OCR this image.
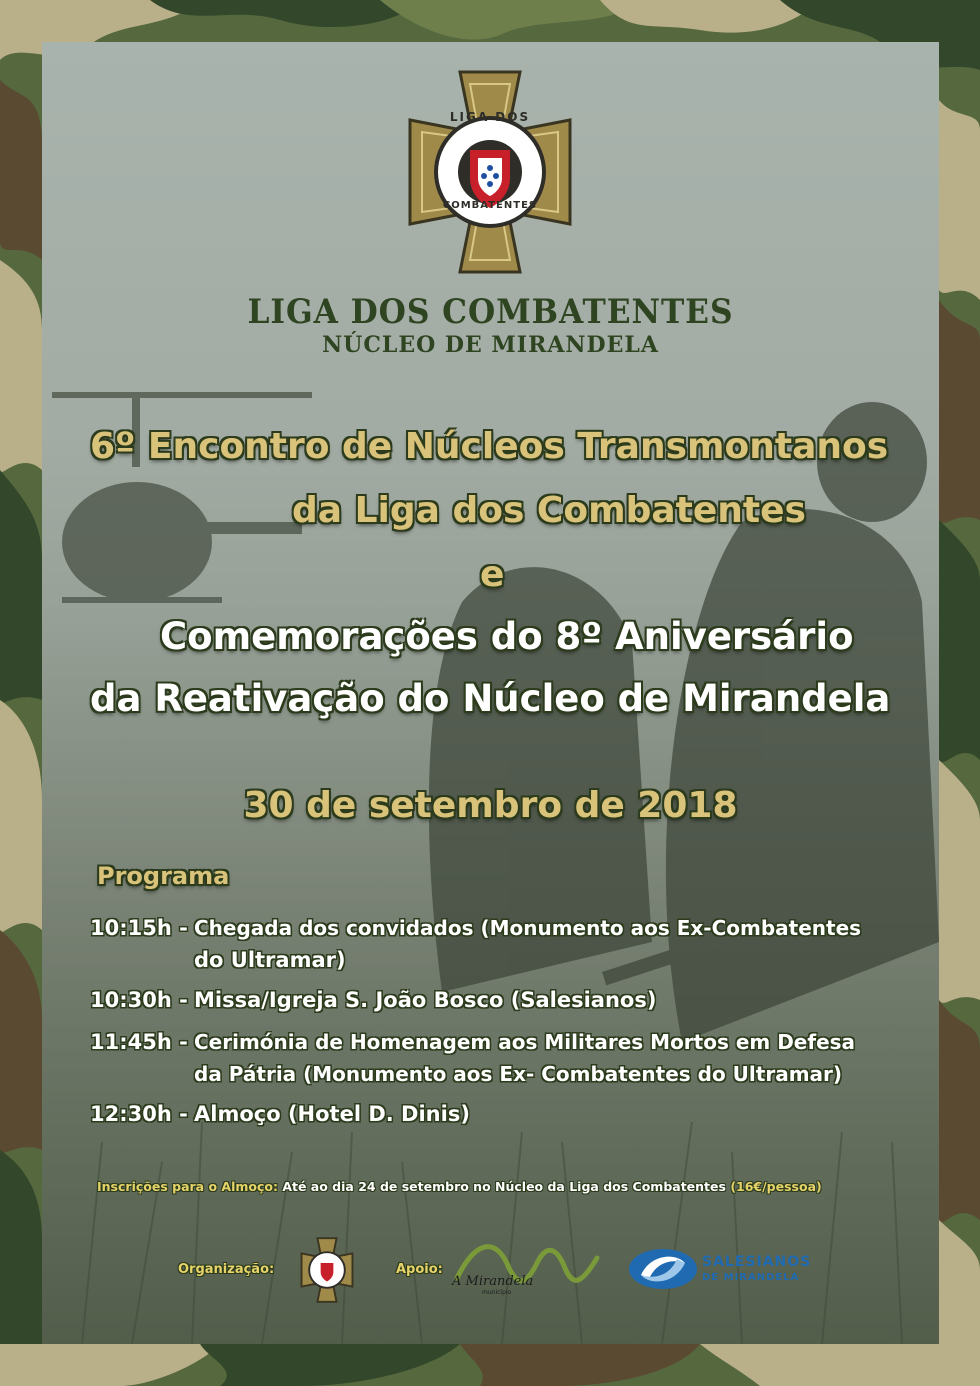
LIGA DOS
COMBATENTES
LIGA DOS COMBATENTES
NÚCLEO DE MIRANDELA
6º Encontro de Núcleos Transmontanos
da Liga dos Combatentes
e
Comemorações do 8º Aniversário
da Reativação do Núcleo de Mirandela
30 de setembro de 2018
Programa
10:15h - Chegada dos convidados (Monumento aos Ex-Combatentes
do Ultramar)
10:30h - Missa/Igreja S. João Bosco (Salesianos)
11:45h - Cerimónia de Homenagem aos Militares Mortos em Defesa
da Pátria (Monumento aos Ex- Combatentes do Ultramar)
12:30h - Almoço (Hotel D. Dinis)
Inscrições para o Almoço: Até ao dia 24 de setembro no Núcleo da Liga dos Combatentes (16€/pessoa)
Organização:	Apoio:
A Mirandela
município
SALESIANOS
DE MIRANDELA
